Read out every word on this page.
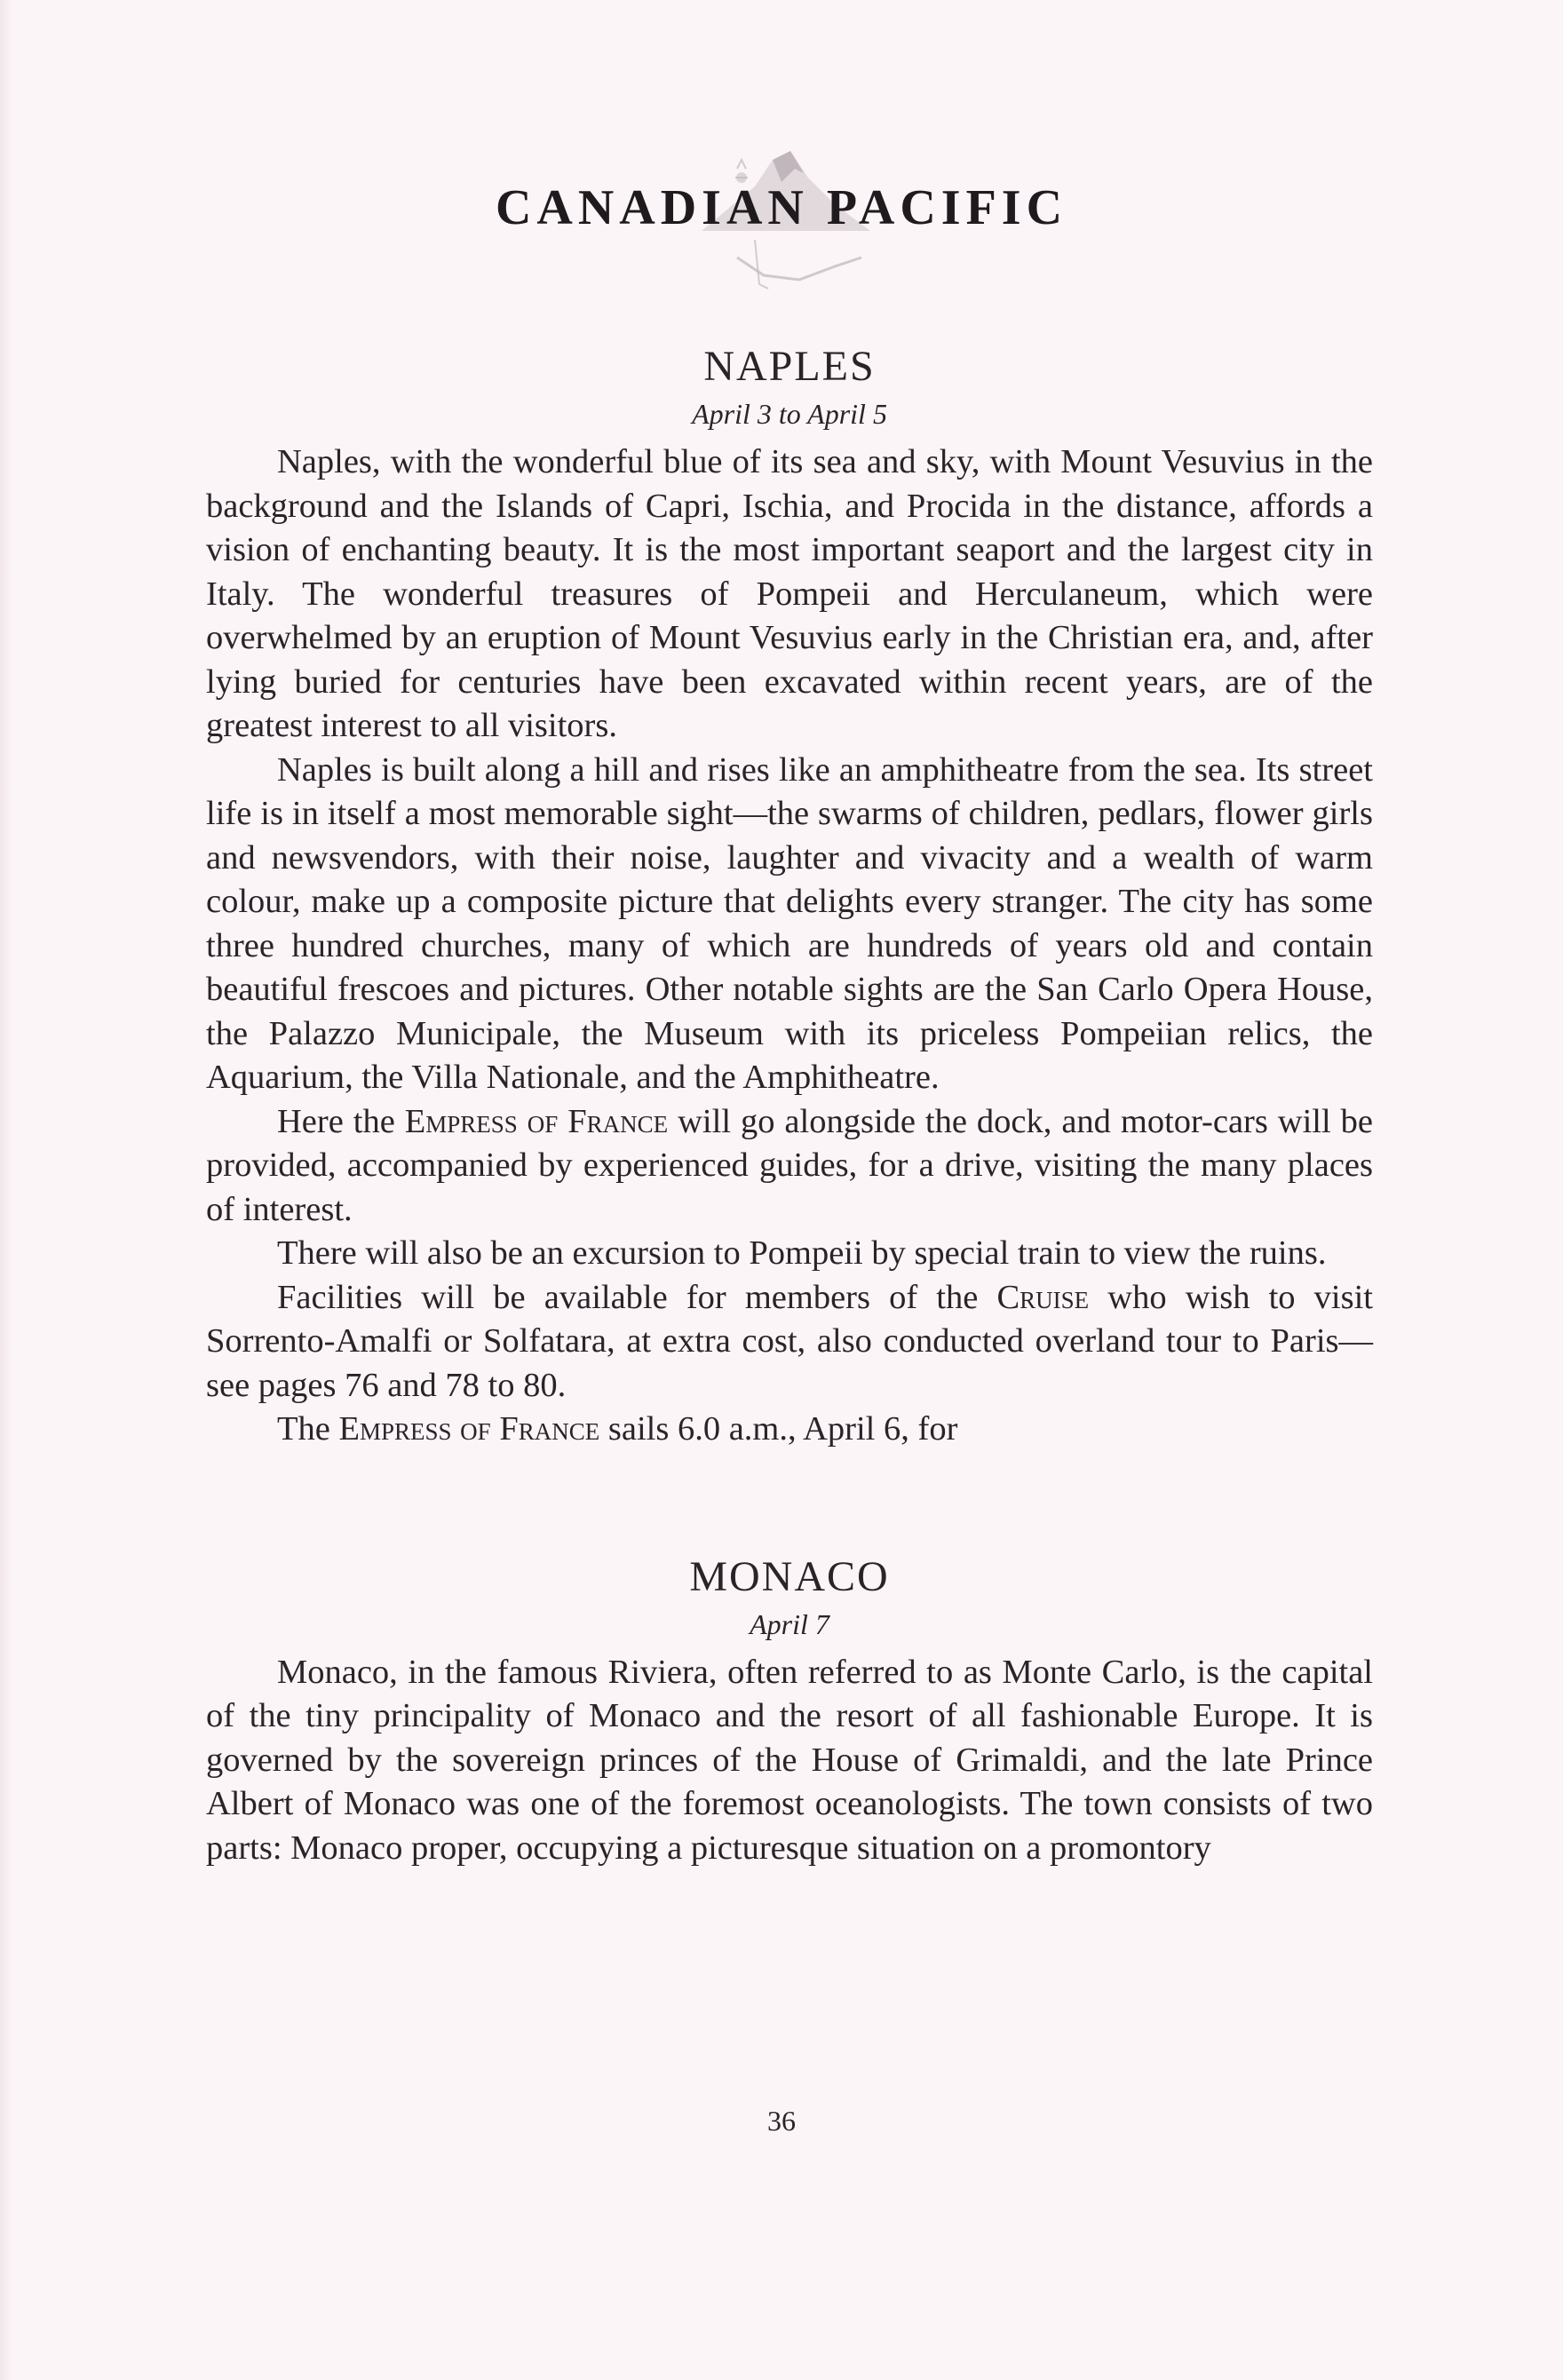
CANADIAN PACIFIC
NAPLES
April 3 to April 5

Naples, with the wonderful blue of its sea and sky, with Mount Vesuvius in the background and the Islands of Capri, Ischia, and Procida in the distance, affords a vision of enchanting beauty. It is the most important seaport and the largest city in Italy. The wonderful treasures of Pompeii and Herculaneum, which were overwhelmed by an eruption of Mount Vesuvius early in the Christian era, and, after lying buried for centuries have been excavated within recent years, are of the greatest interest to all visitors.

Naples is built along a hill and rises like an amphitheatre from the sea. Its street life is in itself a most memorable sight—the swarms of children, pedlars, flower girls and newsvendors, with their noise, laughter and vivacity and a wealth of warm colour, make up a composite picture that delights every stranger. The city has some three hundred churches, many of which are hundreds of years old and contain beautiful frescoes and pictures. Other notable sights are the San Carlo Opera House, the Palazzo Municipale, the Museum with its priceless Pompeiian relics, the Aquarium, the Villa Nationale, and the Amphitheatre.

Here the Empress of France will go alongside the dock, and motor-cars will be provided, accompanied by experienced guides, for a drive, visiting the many places of interest.

There will also be an excursion to Pompeii by special train to view the ruins.

Facilities will be available for members of the Cruise who wish to visit Sorrento-Amalfi or Solfatara, at extra cost, also conducted overland tour to Paris—see pages 76 and 78 to 80.

The Empress of France sails 6.0 a.m., April 6, for

MONACO
April 7

Monaco, in the famous Riviera, often referred to as Monte Carlo, is the capital of the tiny principality of Monaco and the resort of all fashionable Europe. It is governed by the sovereign princes of the House of Grimaldi, and the late Prince Albert of Monaco was one of the foremost oceanologists. The town consists of two parts: Monaco proper, occupying a picturesque situation on a promontory

36
